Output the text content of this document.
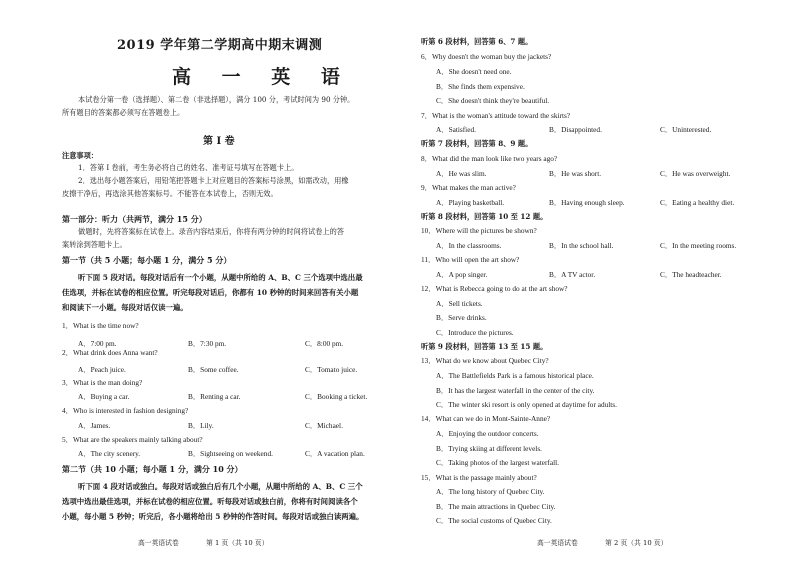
2019 学年第二学期高中期末调测
高 一 英 语
本试卷分第一卷（选择题）、第二卷（非选择题），满分 100 分，考试时间为 90 分钟。
所有题目的答案都必须写在答题卷上。
第 I 卷
注意事项：
1．答第 I 卷前，考生务必将自己的姓名、准考证号填写在答题卡上。
2．选出每小题答案后，用铅笔把答题卡上对应题目的答案标号涂黑，如需改动，用橡
皮擦干净后，再选涂其他答案标号。不能答在本试卷上，否则无效。
第一部分：听力（共两节，满分 15 分）
做题时，先将答案标在试卷上。录音内容结束后，你将有两分钟的时间将试卷上的答
案转涂到答题卡上。
第一节（共 5 小题；每小题 1 分，满分 5 分）
听下面 5 段对话。每段对话后有一个小题，从题中所给的 A、B、C 三个选项中选出最
佳选项，并标在试卷的相应位置。听完每段对话后，你都有 10 秒钟的时间来回答有关小题
和阅读下一小题。每段对话仅读一遍。
1．What is the time now?
A．7:00 pm.	B．7:30 pm.	C．8:00 pm.
2．What drink does Anna want?
A．Peach juice.	B．Some coffee.	C．Tomato juice.
3．What is the man doing?
A．Buying a car.	B．Renting a car.	C．Booking a ticket.
4．Who is interested in fashion designing?
A．James.	B．Lily.	C．Michael.
5．What are the speakers mainly talking about?
A．The city scenery.	B．Sightseeing on weekend.	C．A vacation plan.
第二节（共 10 小题；每小题 1 分，满分 10 分）
听下面 4 段对话或独白。每段对话或独白后有几个小题，从题中所给的 A、B、C 三个
选项中选出最佳选项，并标在试卷的相应位置。听每段对话或独白前，你将有时间阅读各个
小题，每小题 5 秒钟；听完后，各小题将给出 5 秒钟的作答时间。每段对话或独白读两遍。
高一英语试卷	第 1 页（共 10 页）
听第 6 段材料，回答第 6、7 题。
6．Why doesn't the woman buy the jackets?
A．She doesn't need one.
B．She finds them expensive.
C．She doesn't think they're beautiful.
7．What is the woman's attitude toward the skirts?
A．Satisfied.	B．Disappointed.	C．Uninterested.
听第 7 段材料，回答第 8、9 题。
8．What did the man look like two years ago?
A．He was slim.	B．He was short.	C．He was overweight.
9．What makes the man active?
A．Playing basketball.	B．Having enough sleep.	C．Eating a healthy diet.
听第 8 段材料，回答第 10 至 12 题。
10．Where will the pictures be shown?
A．In the classrooms.	B．In the school hall.	C．In the meeting rooms.
11．Who will open the art show?
A．A pop singer.	B．A TV actor.	C．The headteacher.
12．What is Rebecca going to do at the art show?
A．Sell tickets.
B．Serve drinks.
C．Introduce the pictures.
听第 9 段材料，回答第 13 至 15 题。
13．What do we know about Quebec City?
A．The Battlefields Park is a famous historical place.
B．It has the largest waterfall in the center of the city.
C．The winter ski resort is only opened at daytime for adults.
14．What can we do in Mont-Sainte-Anne?
A．Enjoying the outdoor concerts.
B．Trying skiing at different levels.
C．Taking photos of the largest waterfall.
15．What is the passage mainly about?
A．The long history of Quebec City.
B．The main attractions in Quebec City.
C．The social customs of Quebec City.
高一英语试卷	第 2 页（共 10 页）
